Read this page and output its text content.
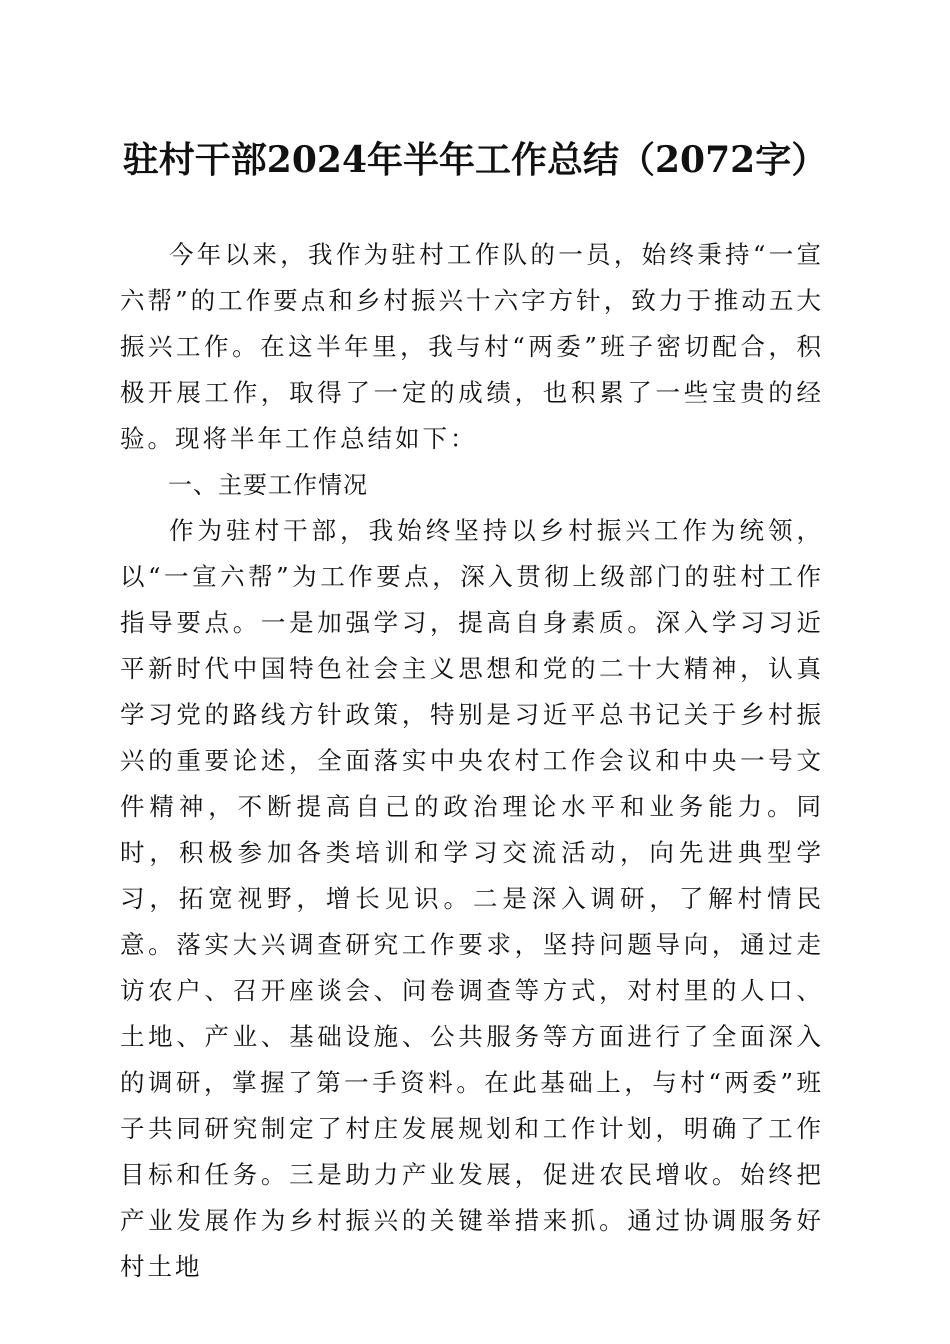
驻村干部2024年半年工作总结（2072字）

今年以来，我作为驻村工作队的一员，始终秉持“一宣六帮”的工作要点和乡村振兴十六字方针，致力于推动五大振兴工作。在这半年里，我与村“两委”班子密切配合，积极开展工作，取得了一定的成绩，也积累了一些宝贵的经验。现将半年工作总结如下：

一、主要工作情况

作为驻村干部，我始终坚持以乡村振兴工作为统领，以“一宣六帮”为工作要点，深入贯彻上级部门的驻村工作指导要点。一是加强学习，提高自身素质。深入学习习近平新时代中国特色社会主义思想和党的二十大精神，认真学习党的路线方针政策，特别是习近平总书记关于乡村振兴的重要论述，全面落实中央农村工作会议和中央一号文件精神，不断提高自己的政治理论水平和业务能力。同时，积极参加各类培训和学习交流活动，向先进典型学习，拓宽视野，增长见识。二是深入调研，了解村情民意。落实大兴调查研究工作要求，坚持问题导向，通过走访农户、召开座谈会、问卷调查等方式，对村里的人口、土地、产业、基础设施、公共服务等方面进行了全面深入的调研，掌握了第一手资料。在此基础上，与村“两委”班子共同研究制定了村庄发展规划和工作计划，明确了工作目标和任务。三是助力产业发展，促进农民增收。始终把产业发展作为乡村振兴的关键举措来抓。通过协调服务好村土地
